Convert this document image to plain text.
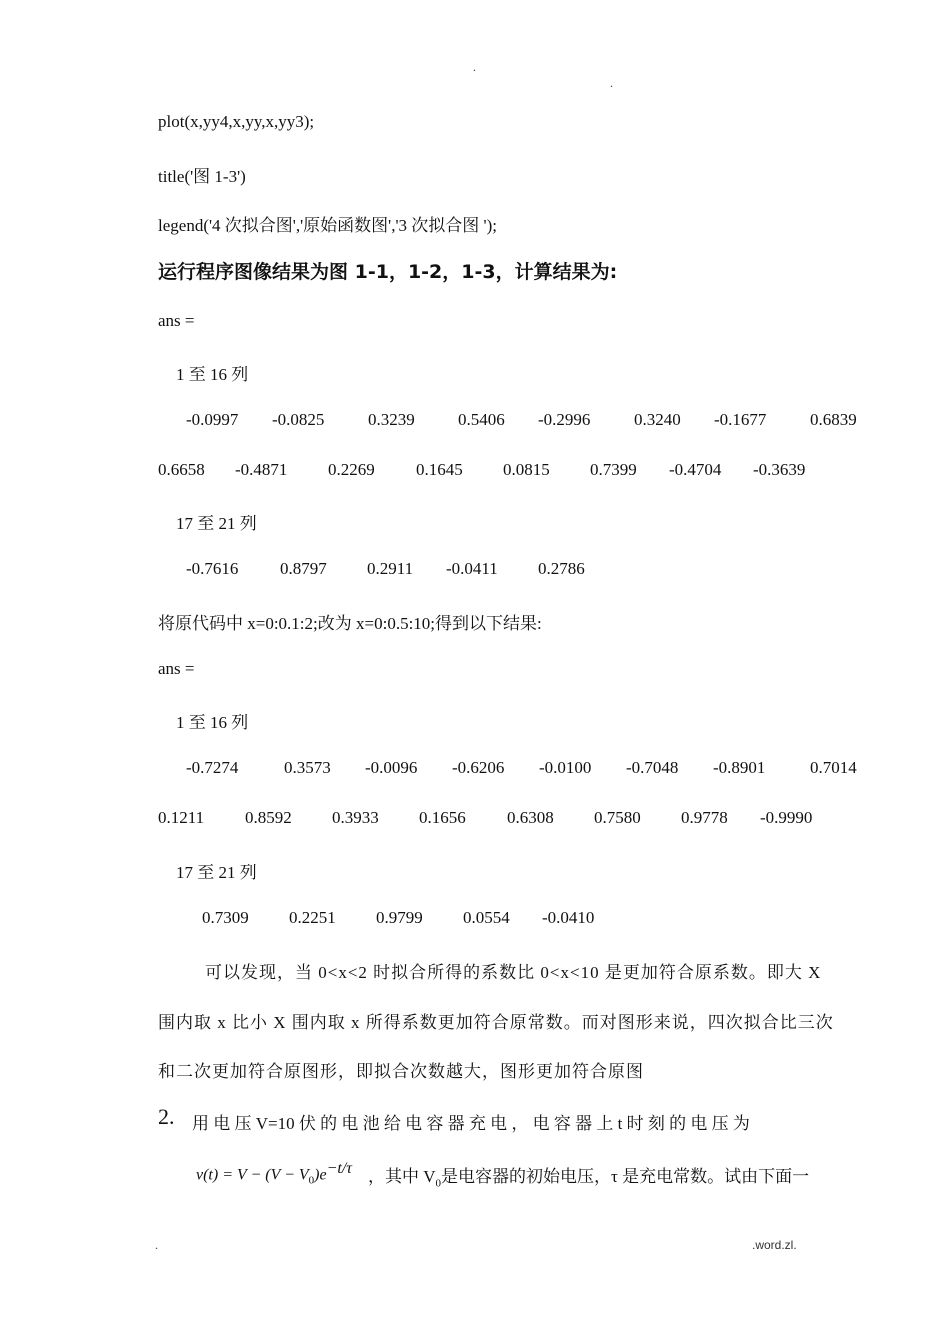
.
.
plot(x,yy4,x,yy,x,yy3);
title('图 1-3')
legend('4 次拟合图','原始函数图','3 次拟合图 ');
运行程序图像结果为图 1-1，1-2，1-3，计算结果为:
ans =
1 至 16 列
-0.0997 -0.0825	0.3239	0.5406 -0.2996	0.3240 -0.1677	0.6839
0.6658 -0.4871 0.2269 0.1645 0.0815 0.7399 -0.4704 -0.3639
17 至 21 列
-0.7616 0.8797 0.2911 -0.0411 0.2786
将原代码中 x=0:0.1:2;改为 x=0:0.5:10;得到以下结果:
ans =
1 至 16 列
-0.7274	0.3573 -0.0096 -0.6206 -0.0100 -0.7048 -0.8901	0.7014
0.1211 0.8592 0.3933 0.1656 0.6308 0.7580 0.9778 -0.9990
17 至 21 列
0.7309 0.2251 0.9799 0.0554 -0.0410
可以发现，当 0<x<2 时拟合所得的系数比 0<x<10 是更加符合原系数。即大 X
围内取 x 比小 X 围内取 x 所得系数更加符合原常数。而对图形来说，四次拟合比三次
和二次更加符合原图形，即拟合次数越大，图形更加符合原图
2. 用 电 压 V=10 伏 的 电 池 给 电 容 器 充 电 ， 电 容 器 上 t 时 刻 的 电 压 为
$v(t) = V - (V - V_0)e^{-t/\tau}$ ，其中 $V_0$是电容器的初始电压，τ 是充电常数。试由下面一
.	.word.zl.
